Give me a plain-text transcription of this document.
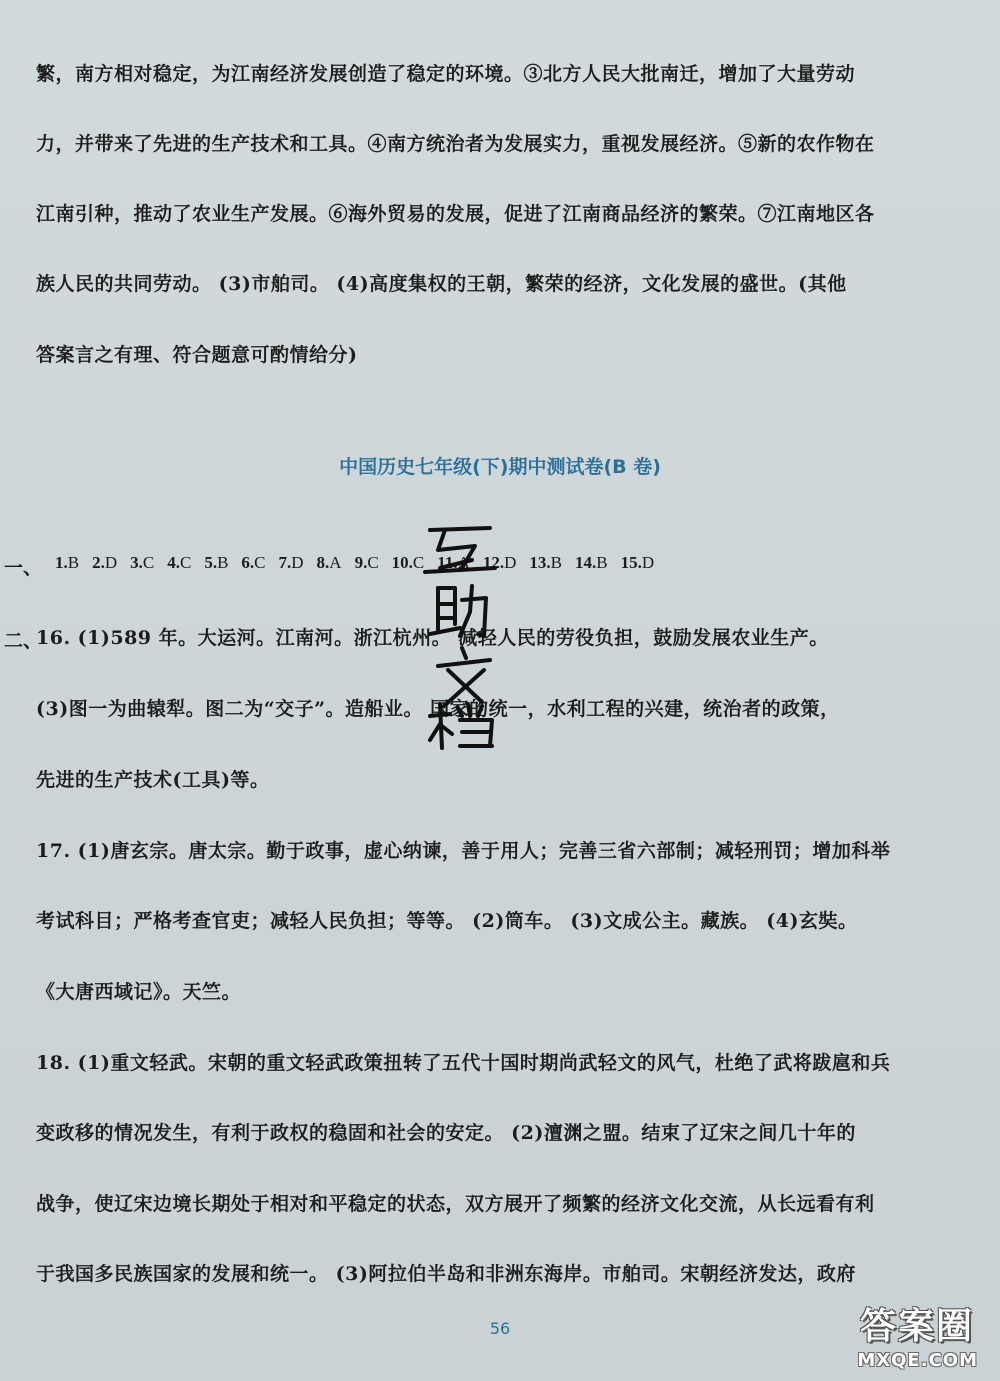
繁，南方相对稳定，为江南经济发展创造了稳定的环境。③北方人民大批南迁，增加了大量劳动
力，并带来了先进的生产技术和工具。④南方统治者为发展实力，重视发展经济。⑤新的农作物在
江南引种，推动了农业生产发展。⑥海外贸易的发展，促进了江南商品经济的繁荣。⑦江南地区各
族人民的共同劳动。 (3)市舶司。 (4)高度集权的王朝，繁荣的经济，文化发展的盛世。(其他
答案言之有理、符合题意可酌情给分)
中国历史七年级(下)期中测试卷(B 卷)
一、 1.B 2.D 3.C 4.C 5.B 6.C 7.D 8.A 9.C 10.C 11.A 12.D 13.B 14.B 15.D
二、
16. (1)589 年。大运河。江南河。浙江杭州。 减轻人民的劳役负担，鼓励发展农业生产。
(3)图一为曲辕犁。图二为“交子”。造船业。 国家的统一，水利工程的兴建，统治者的政策，
先进的生产技术(工具)等。
17. (1)唐玄宗。唐太宗。勤于政事，虚心纳谏，善于用人；完善三省六部制；减轻刑罚；增加科举
考试科目；严格考查官吏；减轻人民负担；等等。 (2)筒车。 (3)文成公主。藏族。 (4)玄奘。
《大唐西域记》。天竺。
18. (1)重文轻武。宋朝的重文轻武政策扭转了五代十国时期尚武轻文的风气，杜绝了武将跋扈和兵
变政移的情况发生，有利于政权的稳固和社会的安定。 (2)澶渊之盟。结束了辽宋之间几十年的
战争，使辽宋边境长期处于相对和平稳定的状态，双方展开了频繁的经济文化交流，从长远看有利
于我国多民族国家的发展和统一。 (3)阿拉伯半岛和非洲东海岸。市舶司。宋朝经济发达，政府
56	答案圈
MXQE.COM
